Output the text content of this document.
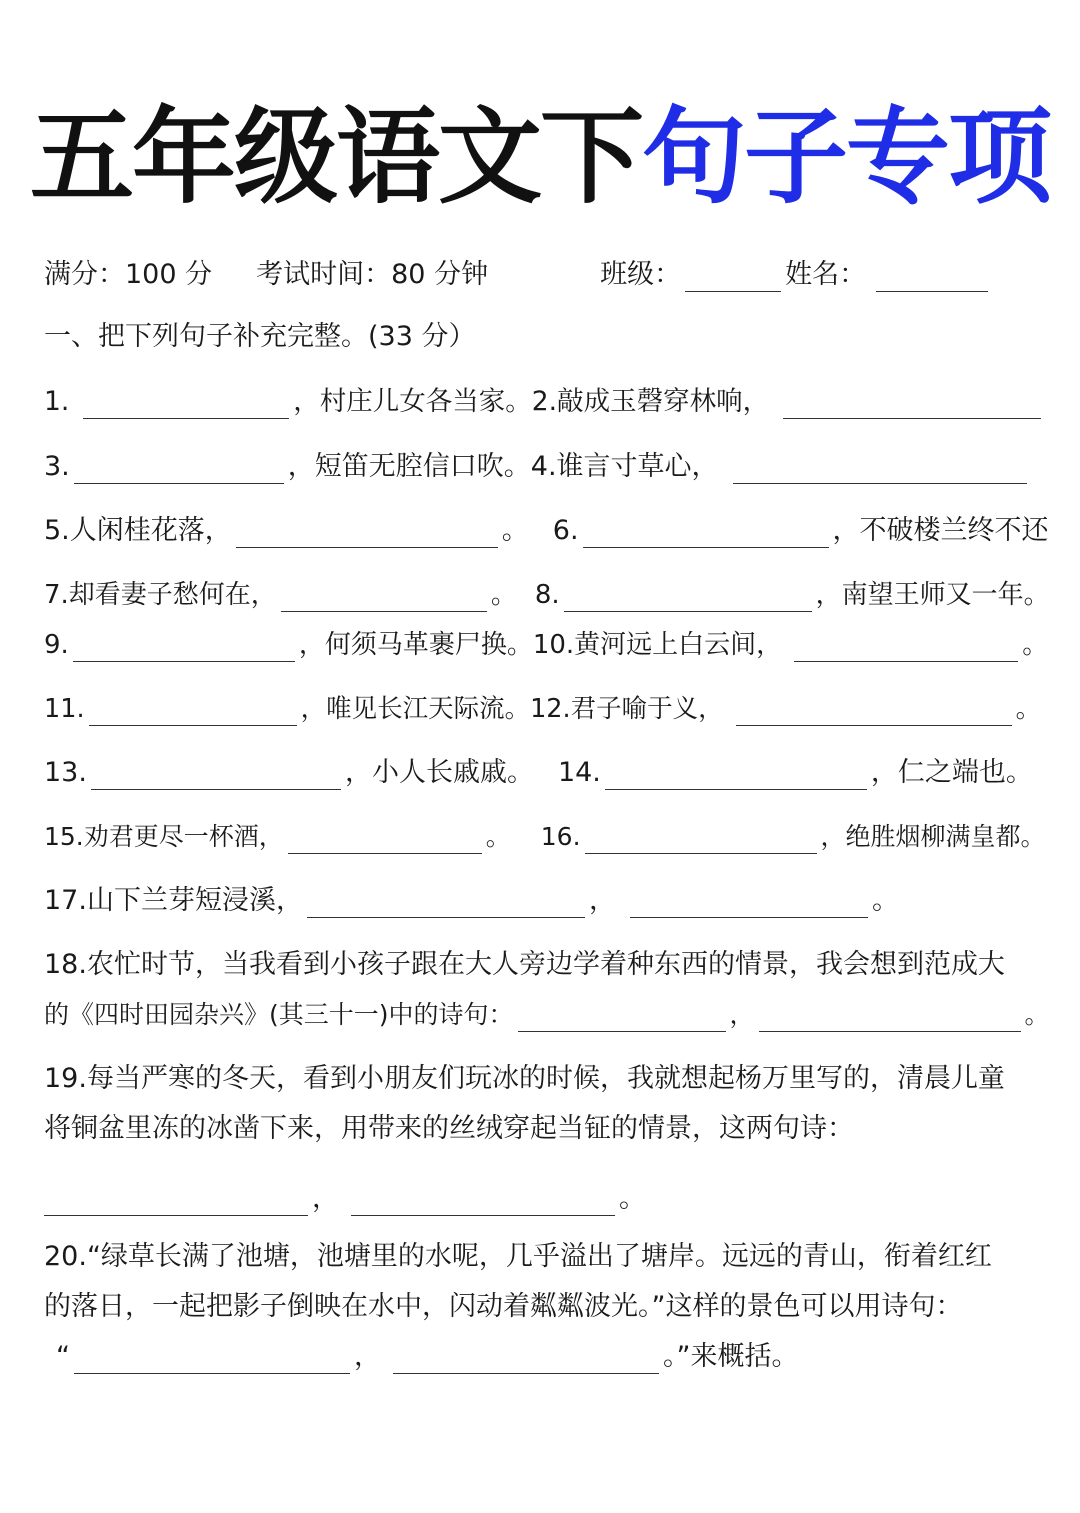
五年级语文下句子专项
满分：100 分 考试时间：80 分钟	班级：	姓名：
一、把下列句子补充完整。(33 分）
1.	，村庄儿女各当家。 2.敲成玉磬穿林响，
3.	，短笛无腔信口吹。 4.谁言寸草心，
5.人闲桂花落，	。 6.	，不破楼兰终不还
7.却看妻子愁何在，	。 8.	，南望王师又一年。
9.	，何须马革裹尸换。 10.黄河远上白云间，	。
11.	，唯见长江天际流。 12.君子喻于义，	。
13.	，小人长戚戚。 14.	，仁之端也。
15.劝君更尽一杯酒，	。 16.	，绝胜烟柳满皇都。
17.山下兰芽短浸溪，	，	。
18.农忙时节，当我看到小孩子跟在大人旁边学着种东西的情景，我会想到范成大
的《四时田园杂兴》(其三十一)中的诗句：	，	。
19.每当严寒的冬天，看到小朋友们玩冰的时候，我就想起杨万里写的，清晨儿童
将铜盆里冻的冰凿下来，用带来的丝绒穿起当钲的情景，这两句诗：
，	。
20.“绿草长满了池塘，池塘里的水呢，几乎溢出了塘岸。远远的青山，衔着红红
的落日，一起把影子倒映在水中，闪动着粼粼波光。”这样的景色可以用诗句：
“	，	。”来概括。
